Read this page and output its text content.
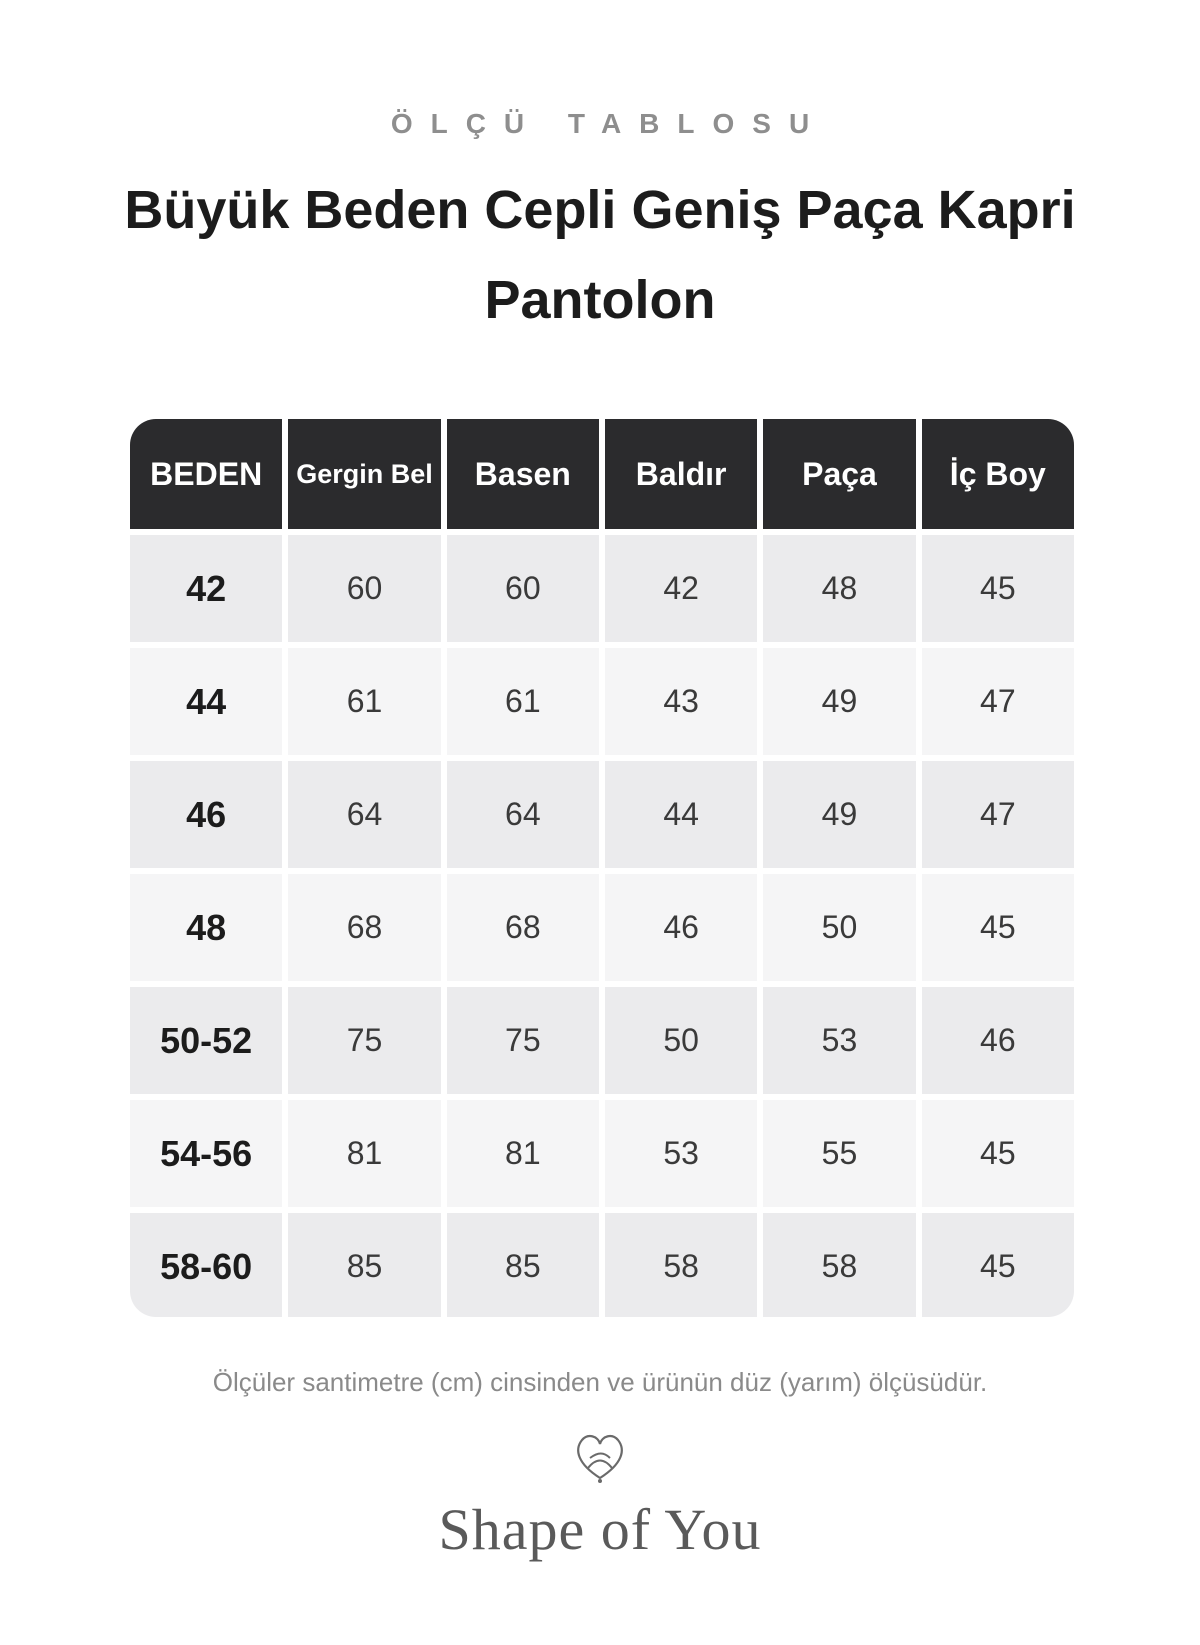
ÖLÇÜ TABLOSU
Büyük Beden Cepli Geniş Paça Kapri Pantolon
BEDEN	Gergin Bel	Basen	Baldır	Paça	İç Boy
42	60	60	42	48	45
44	61	61	43	49	47
46	64	64	44	49	47
48	68	68	46	50	45
50-52	75	75	50	53	46
54-56	81	81	53	55	45
58-60	85	85	58	58	45
Ölçüler santimetre (cm) cinsinden ve ürünün düz (yarım) ölçüsüdür.
Shape of You
